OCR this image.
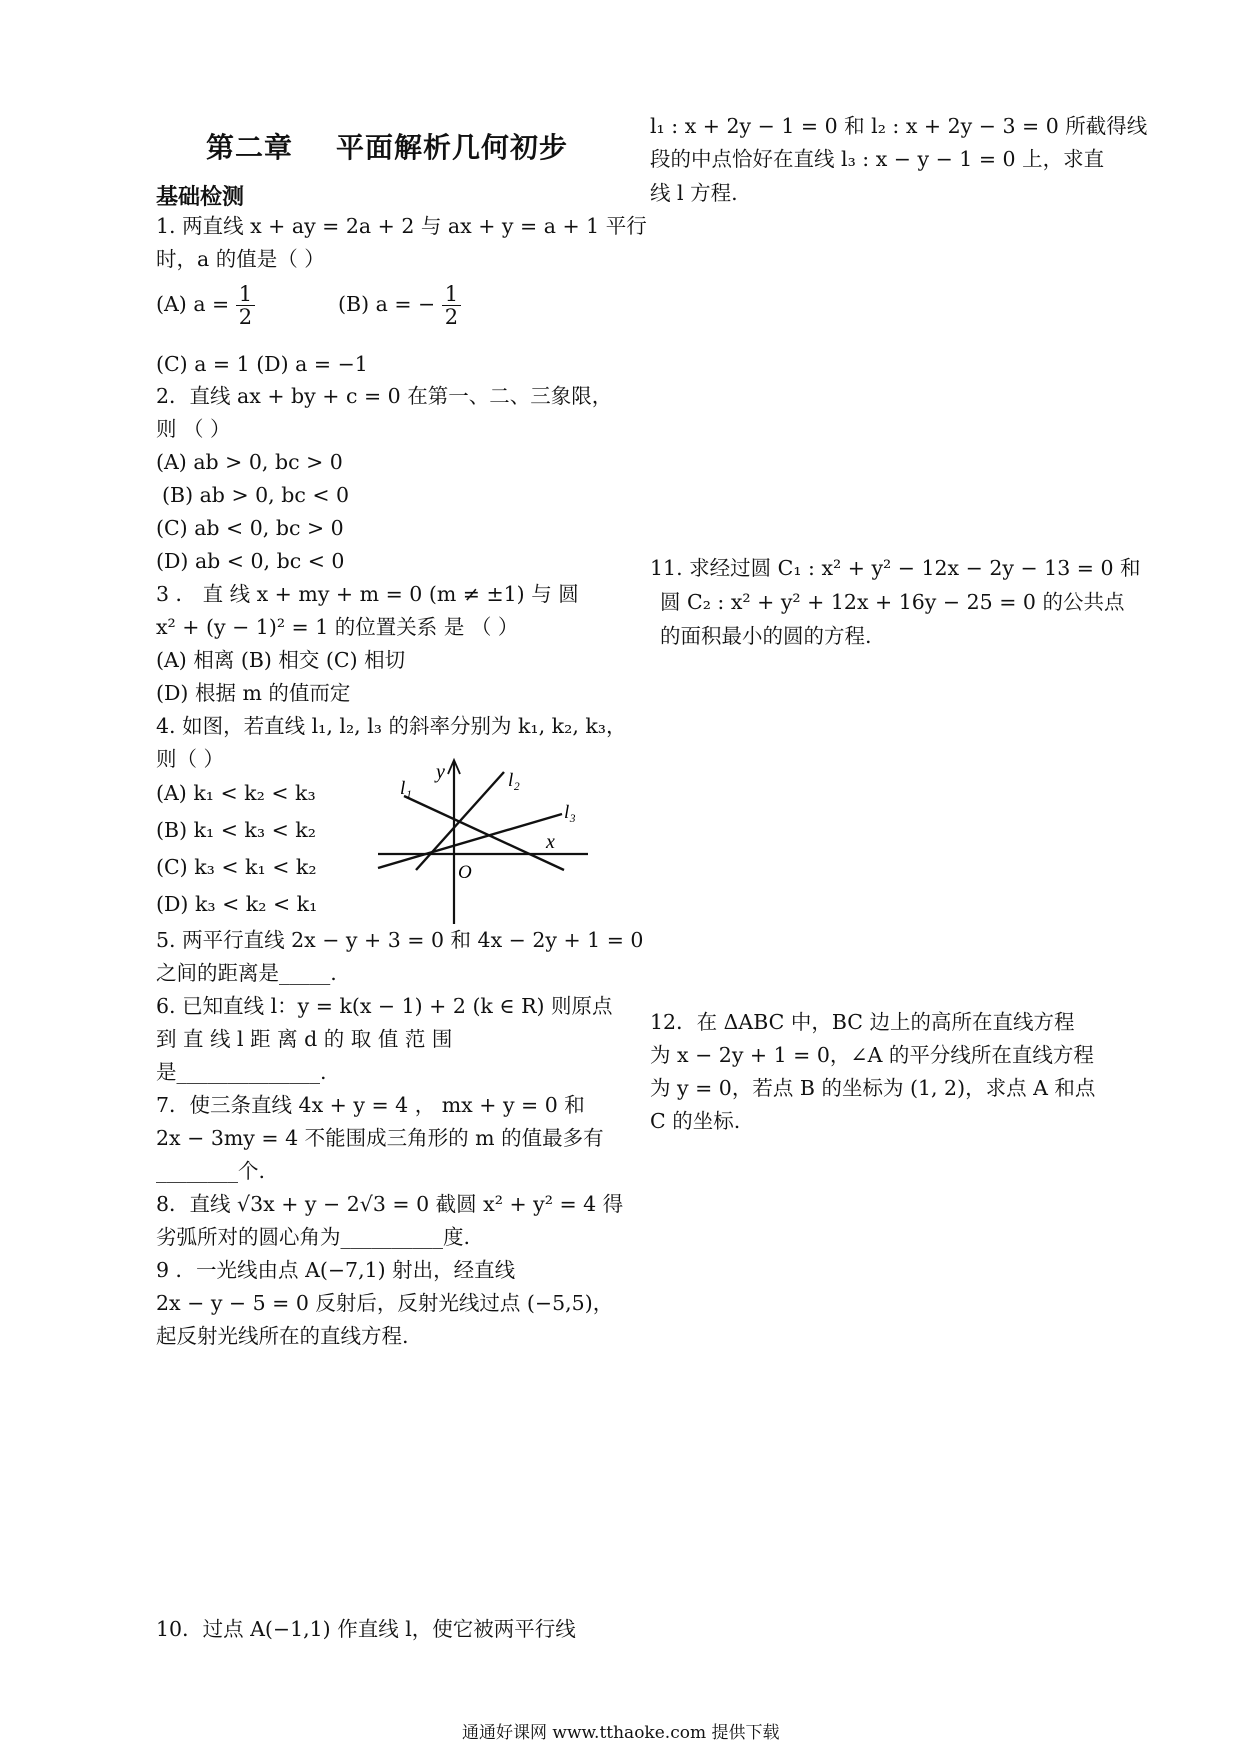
第二章    平面解析几何初步
基础检测
1. 两直线 x + ay = 2a + 2 与 ax + y = a + 1 平行
时，a 的值是（ ）
(C) a = 1 (D) a = −1
2．直线 ax + by + c = 0 在第一、二、三象限，
则 （ ）
(A) ab > 0, bc > 0
(B) ab > 0, bc < 0
(C) ab < 0, bc > 0
(D) ab < 0, bc < 0
3 ． 直 线 x + my + m = 0 (m ≠ ±1) 与 圆
x² + (y − 1)² = 1 的位置关系 是 （ ）
(A) 相离 (B) 相交 (C) 相切
(D) 根据 m 的值而定
4. 如图，若直线 l₁, l₂, l₃ 的斜率分别为 k₁, k₂, k₃，
则（ ）
(A) k₁ < k₂ < k₃
(B) k₁ < k₃ < k₂
(C) k₃ < k₁ < k₂
(D) k₃ < k₂ < k₁
5. 两平行直线 2x − y + 3 = 0 和 4x − 2y + 1 = 0
之间的距离是_____.
6. 已知直线 l：y = k(x − 1) + 2 (k ∈ R) 则原点
到 直 线 l 距 离 d 的 取 值 范 围
是______________.
7．使三条直线 4x + y = 4 ， mx + y = 0 和
2x − 3my = 4 不能围成三角形的 m 的值最多有
________个.
8．直线 √3x + y − 2√3 = 0 截圆 x² + y² = 4 得
劣弧所对的圆心角为__________度.
9 ．一光线由点 A(−7,1) 射出，经直线
2x − y − 5 = 0 反射后，反射光线过点 (−5,5)，
起反射光线所在的直线方程.
10．过点 A(−1,1) 作直线 l，使它被两平行线
l₁ : x + 2y − 1 = 0 和 l₂ : x + 2y − 3 = 0 所截得线
段的中点恰好在直线 l₃ : x − y − 1 = 0 上，求直
线 l 方程.
11. 求经过圆 C₁ : x² + y² − 12x − 2y − 13 = 0 和
圆 C₂ : x² + y² + 12x + 16y − 25 = 0 的公共点
的面积最小的圆的方程.
12．在 ΔABC 中，BC 边上的高所在直线方程
为 x − 2y + 1 = 0，∠A 的平分线所在直线方程
为 y = 0，若点 B 的坐标为 (1, 2)，求点 A 和点
C 的坐标.
(A) $a = \frac{1}{2}$	(B) a = − $\frac{1}{2}$
y
x
O
l₁	l₂
l₃
通通好课网 www.tthaoke.com 提供下载
